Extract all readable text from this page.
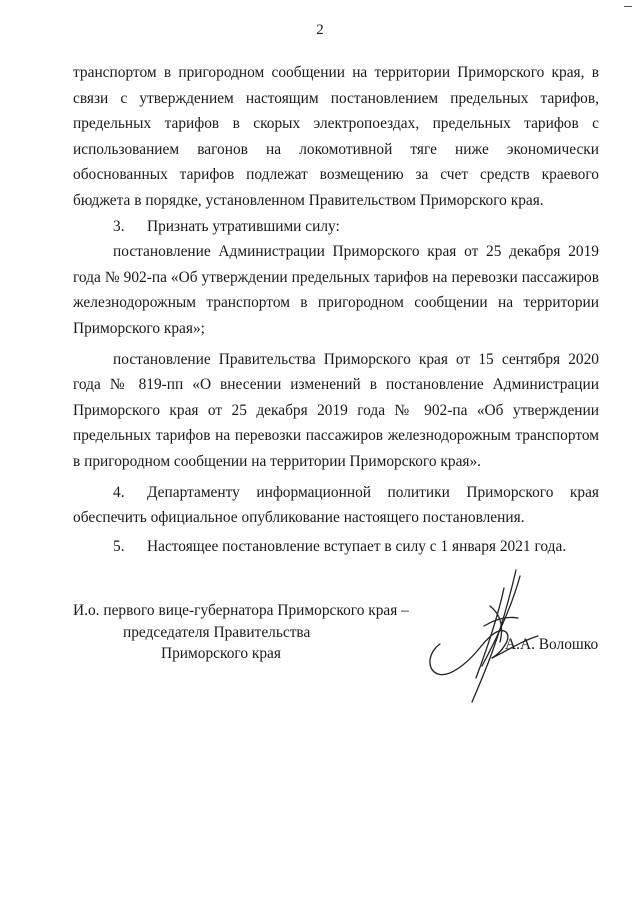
2

транспортом в пригородном сообщении на территории Приморского края, в связи с утверждением настоящим постановлением предельных тарифов, предельных тарифов в скорых электропоездах, предельных тарифов с использованием вагонов на локомотивной тяге ниже экономически обоснованных тарифов подлежат возмещению за счет средств краевого бюджета в порядке, установленном Правительством Приморского края.

3. Признать утратившими силу:

постановление Администрации Приморского края от 25 декабря 2019 года № 902-па «Об утверждении предельных тарифов на перевозки пассажиров железнодорожным транспортом в пригородном сообщении на территории Приморского края»;

постановление Правительства Приморского края от 15 сентября 2020 года № 819-пп «О внесении изменений в постановление Администрации Приморского края от 25 декабря 2019 года № 902-па «Об утверждении предельных тарифов на перевозки пассажиров железнодорожным транспортом в пригородном сообщении на территории Приморского края».

4. Департаменту информационной политики Приморского края обеспечить официальное опубликование настоящего постановления.

5. Настоящее постановление вступает в силу с 1 января 2021 года.

И.о. первого вице-губернатора Приморского края –
председателя Правительства
Приморского края
А.А. Волошко
